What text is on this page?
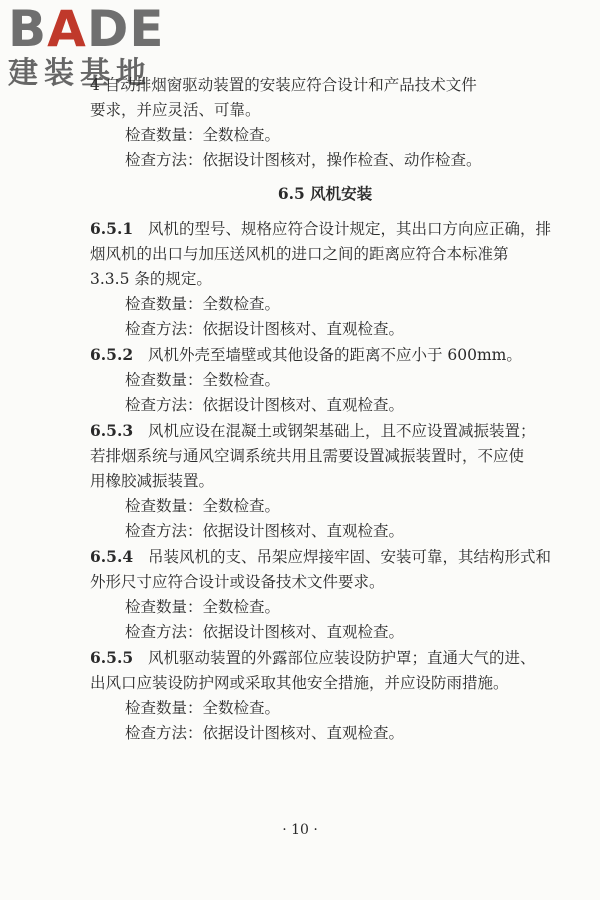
BADE
建装基地
4 自动排烟窗驱动装置的安装应符合设计和产品技术文件
要求，并应灵活、可靠。
检查数量：全数检查。
检查方法：依据设计图核对，操作检查、动作检查。
6.5 风机安装
6.5.1 风机的型号、规格应符合设计规定，其出口方向应正确，排
烟风机的出口与加压送风机的进口之间的距离应符合本标准第
3.3.5 条的规定。
检查数量：全数检查。
检查方法：依据设计图核对、直观检查。
6.5.2 风机外壳至墙壁或其他设备的距离不应小于 600mm。
检查数量：全数检查。
检查方法：依据设计图核对、直观检查。
6.5.3 风机应设在混凝土或钢架基础上，且不应设置减振装置；
若排烟系统与通风空调系统共用且需要设置减振装置时，不应使
用橡胶减振装置。
检查数量：全数检查。
检查方法：依据设计图核对、直观检查。
6.5.4 吊装风机的支、吊架应焊接牢固、安装可靠，其结构形式和
外形尺寸应符合设计或设备技术文件要求。
检查数量：全数检查。
检查方法：依据设计图核对、直观检查。
6.5.5 风机驱动装置的外露部位应装设防护罩；直通大气的进、
出风口应装设防护网或采取其他安全措施，并应设防雨措施。
检查数量：全数检查。
检查方法：依据设计图核对、直观检查。
· 10 ·
